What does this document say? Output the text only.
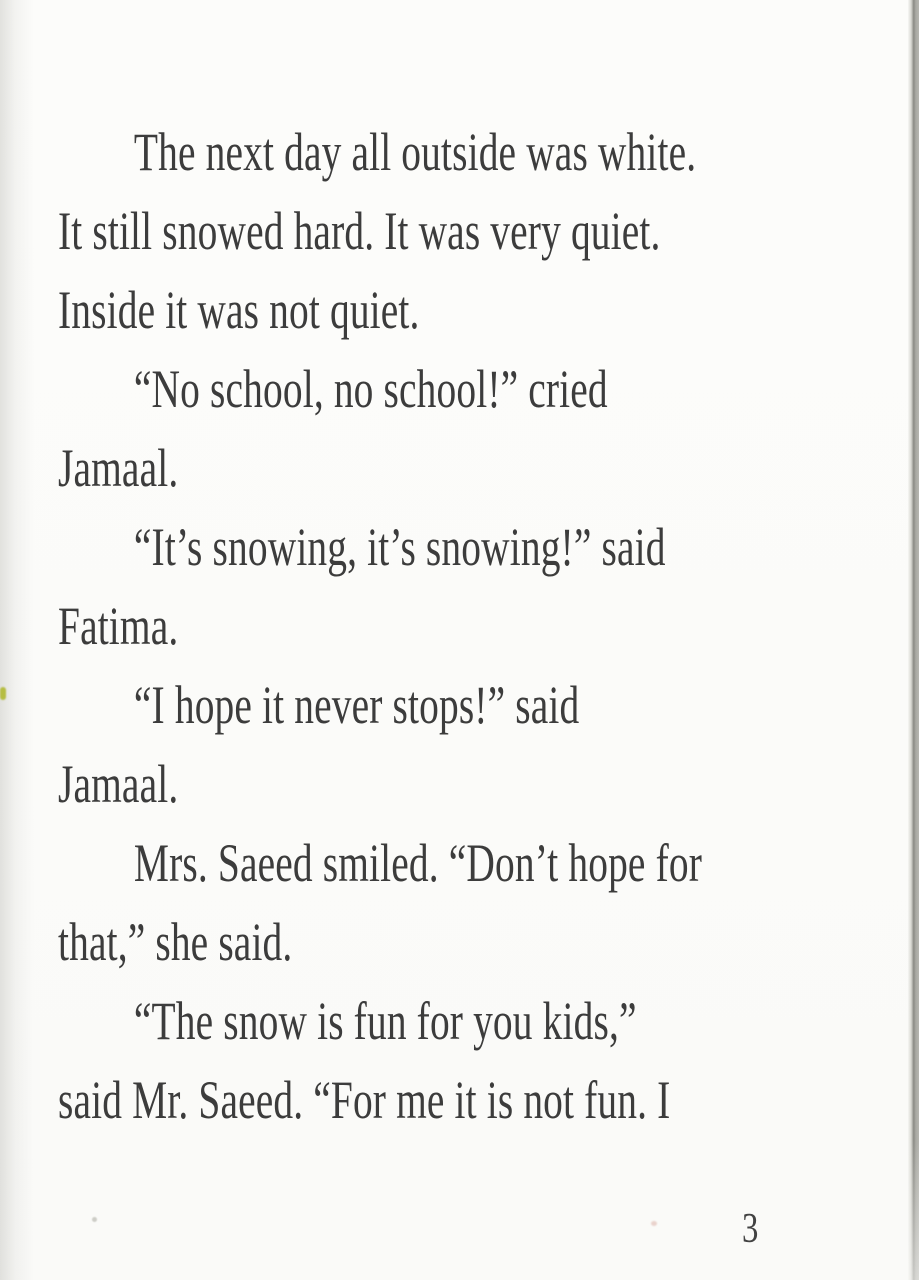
The next day all outside was white.
It still snowed hard. It was very quiet.
Inside it was not quiet.

“No school, no school!” cried
Jamaal.

“It’s snowing, it’s snowing!” said
Fatima.

“I hope it never stops!” said
Jamaal.

Mrs. Saeed smiled. “Don’t hope for
that,” she said.

“The snow is fun for you kids,”
said Mr. Saeed. “For me it is not fun. I

3
